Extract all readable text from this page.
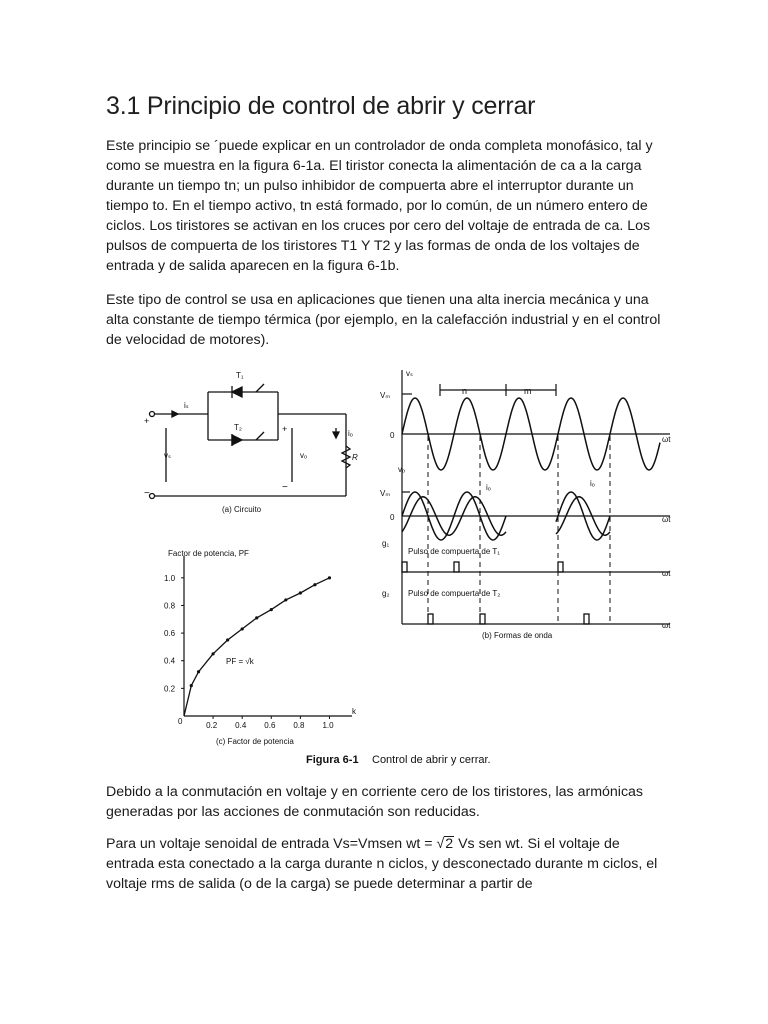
3.1 Principio de control de abrir y cerrar

Este principio se ´puede explicar en un controlador de onda completa monofásico, tal y como se muestra en la figura 6-1a. El tiristor conecta la alimentación de ca a la carga durante un tiempo tn; un pulso inhibidor de compuerta abre el interruptor durante un tiempo to. En el tiempo activo, tn está formado, por lo común, de un número entero de ciclos. Los tiristores se activan en los cruces por cero del voltaje de entrada de ca. Los pulsos de compuerta de los tiristores T1 Y T2 y las formas de onda de los voltajes de entrada y de salida aparecen en la figura 6-1b.

Este tipo de control se usa en aplicaciones que tienen una alta inercia mecánica y una alta constante de tiempo térmica (por ejemplo, en la calefacción industrial y en el control de velocidad de motores).

T₁
T₂
iₛ
vₛ	vₒ
iₒ
R
+
−
+
−
(a) Circuito
vₛ
Vₘ
0
n	m
ωt
vₒ
Vₘ
0
iₒ	iₒ
ωt
g₁
Pulso de compuerta de T₁
ωt
g₂ Pulso de compuerta de T₂
ωt
(b) Formas de onda
0.2 0.4 0.6 0.8 1.0
0.2
0.4
0.6
0.8
1.0
Factor de potencia, PF
k
PF = √k
0
(c) Factor de potencia
Figura 6-1 Control de abrir y cerrar.

Debido a la conmutación en voltaje y en corriente cero de los tiristores, las armónicas generadas por las acciones de conmutación son reducidas.

Para un voltaje senoidal de entrada Vs=Vmsen wt = √2 Vs sen wt. Si el voltaje de entrada esta conectado a la carga durante n ciclos, y desconectado durante m ciclos, el voltaje rms de salida (o de la carga) se puede determinar a partir de
